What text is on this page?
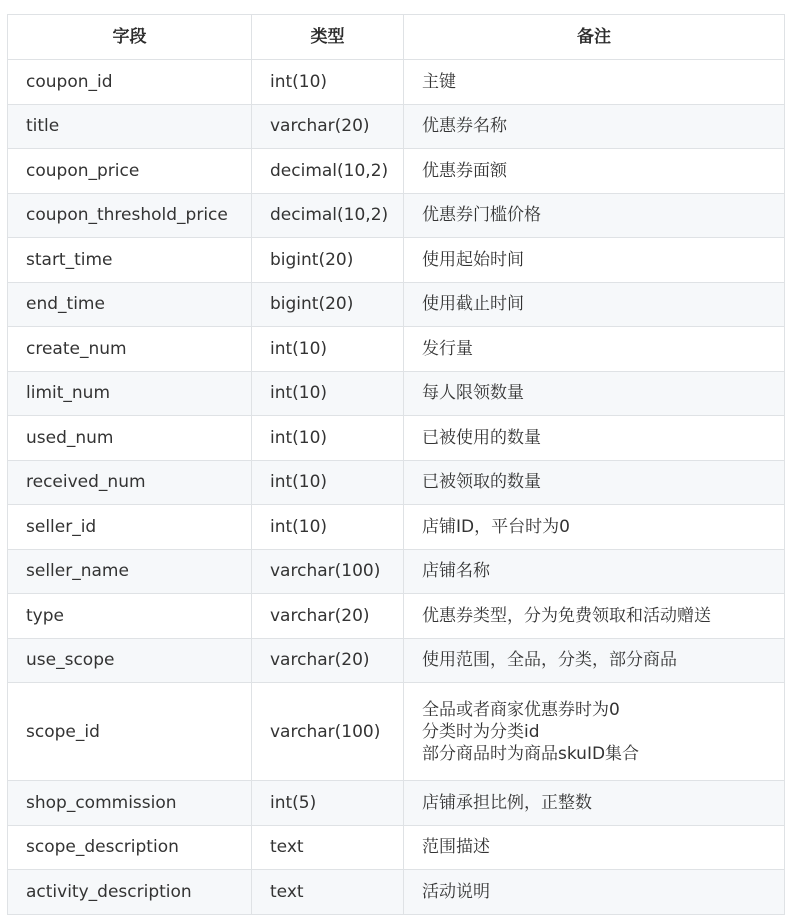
字段	类型	备注
coupon_id	int(10)	主键

title	varchar(20)	优惠券名称

coupon_price	decimal(10,2)	优惠券面额

coupon_threshold_price	decimal(10,2)	优惠券门槛价格

start_time	bigint(20)	使用起始时间

end_time	bigint(20)	使用截止时间

create_num	int(10)	发行量

limit_num	int(10)	每人限领数量

used_num	int(10)	已被使用的数量

received_num	int(10)	已被领取的数量

seller_id	int(10)	店铺ID，平台时为0

seller_name	varchar(100)	店铺名称

type	varchar(20)	优惠券类型，分为免费领取和活动赠送

use_scope	varchar(20)	使用范围，全品，分类，部分商品

scope_id	varchar(100)	全品或者商家优惠券时为0
分类时为分类id
部分商品时为商品skuID集合

shop_commission	int(5)	店铺承担比例，正整数

scope_description	text	范围描述

activity_description	text	活动说明
